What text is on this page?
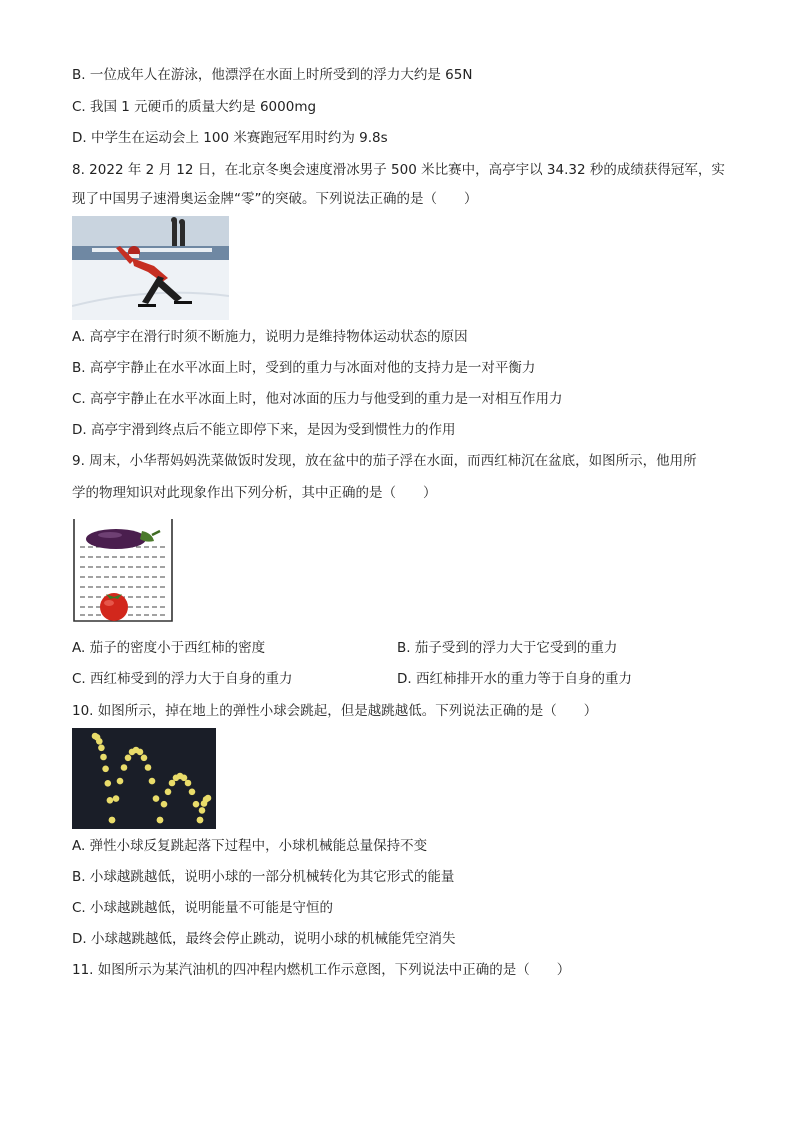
B. 一位成年人在游泳，他漂浮在水面上时所受到的浮力大约是 65N
C. 我国 1 元硬币的质量大约是 6000mg
D. 中学生在运动会上 100 米赛跑冠军用时约为 9.8s
8. 2022 年 2 月 12 日，在北京冬奥会速度滑冰男子 500 米比赛中，高亭宇以 34.32 秒的成绩获得冠军，实
现了中国男子速滑奥运金牌“零”的突破。下列说法正确的是（　　）
A. 高亭宇在滑行时须不断施力，说明力是维持物体运动状态的原因
B. 高亭宇静止在水平冰面上时，受到的重力与冰面对他的支持力是一对平衡力
C. 高亭宇静止在水平冰面上时，他对冰面的压力与他受到的重力是一对相互作用力
D. 高亭宇滑到终点后不能立即停下来，是因为受到惯性力的作用
9. 周末，小华帮妈妈洗菜做饭时发现，放在盆中的茄子浮在水面，而西红柿沉在盆底，如图所示，他用所
学的物理知识对此现象作出下列分析，其中正确的是（　　）
A. 茄子的密度小于西红柿的密度	B. 茄子受到的浮力大于它受到的重力
C. 西红柿受到的浮力大于自身的重力	D. 西红柿排开水的重力等于自身的重力
10. 如图所示，掉在地上的弹性小球会跳起，但是越跳越低。下列说法正确的是（　　）
A. 弹性小球反复跳起落下过程中，小球机械能总量保持不变
B. 小球越跳越低，说明小球的一部分机械转化为其它形式的能量
C. 小球越跳越低，说明能量不可能是守恒的
D. 小球越跳越低，最终会停止跳动，说明小球的机械能凭空消失
11. 如图所示为某汽油机的四冲程内燃机工作示意图，下列说法中正确的是（　　）
